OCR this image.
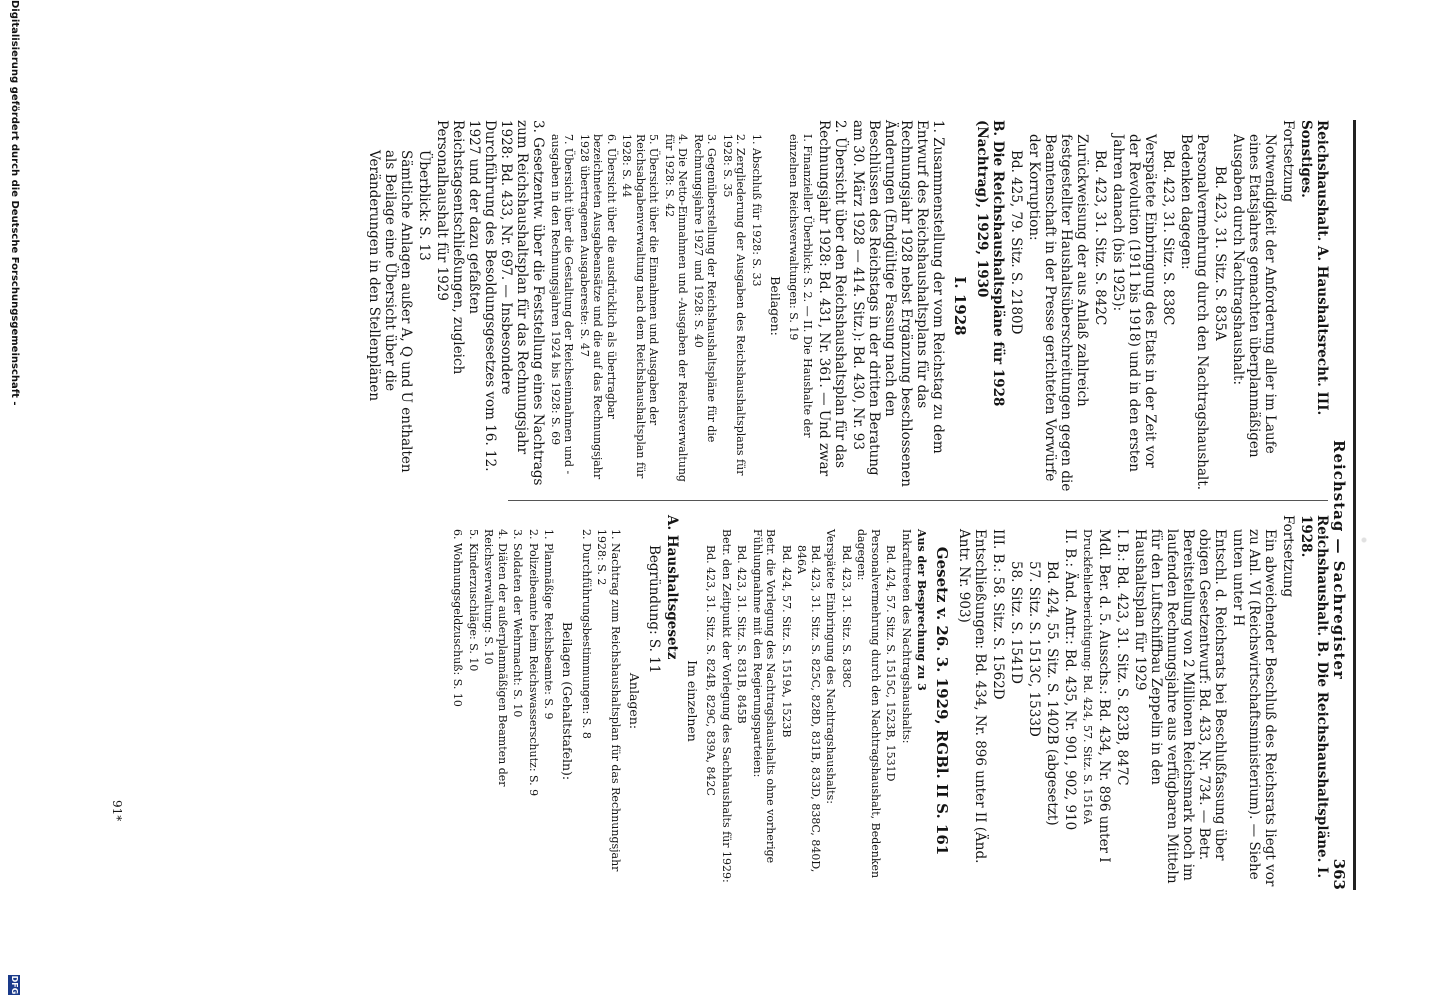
Reichstag — Sachregister
363
Reichshaushalt. A. Haushaltsrecht. III. Sonstiges.
Fortsetzung
Notwendigkeit der Anforderung aller im Laufe eines Etatsjahres gemachten überplanmäßigen Ausgaben durch Nachtragshaushalt:
Bd. 423, 31. Sitz. S. 835A
Personalvermehrung durch den Nachtragshaushalt. Bedenken dagegen:
Bd. 423, 31. Sitz. S. 838C
Verspätete Einbringung des Etats in der Zeit vor der Revolution (1911 bis 1918) und in den ersten Jahren danach (bis 1925):
Bd. 423, 31. Sitz. S. 842C
Zurückweisung der aus Anlaß zahlreich festgestellter Haushaltsüberschreitungen gegen die Beamtenschaft in der Presse gerichteten Vorwürfe der Korruption:
Bd. 425, 79. Sitz. S. 2180D
B. Die Reichshaushaltspläne für 1928 (Nachtrag), 1929, 1930
I. 1928
1. Zusammenstellung der vom Reichstag zu dem Entwurf des Reichshaushaltsplans für das Rechnungsjahr 1928 nebst Ergänzung beschlossenen Änderungen (Endgültige Fassung nach den Beschlüssen des Reichstags in der dritten Beratung am 30. März 1928 — 414. Sitz.): Bd. 430, Nr. 93
2. Übersicht über den Reichshaushaltsplan für das Rechnungsjahr 1928: Bd. 431, Nr. 361. — Und zwar
I. Finanzieller Überblick: S. 2. — II. Die Haushalte der einzelnen Reichsverwaltungen: S. 19
Beilagen:
1. Abschluß für 1928: S. 33
2. Zergliederung der Ausgaben des Reichshaushaltsplans für 1928: S. 35
3. Gegenüberstellung der Reichshaushaltspläne für die Rechnungsjahre 1927 und 1928: S. 40
4. Die Netto-Einnahmen und -Ausgaben der Reichsverwaltung für 1928: S. 42
5. Übersicht über die Einnahmen und Ausgaben der Reichsabgabenverwaltung nach dem Reichshaushaltsplan für 1928: S. 44
6. Übersicht über die ausdrücklich als übertragbar bezeichneten Ausgabeansätze und die auf das Rechnungsjahr 1928 übertragenen Ausgabereste: S. 47
7. Übersicht über die Gestaltung der Reichseinnahmen und -ausgaben in den Rechnungsjahren 1924 bis 1928: S. 69
3. Gesetzentw. über die Feststellung eines Nachtrags zum Reichshaushaltsplan für das Rechnungsjahr 1928: Bd. 433, Nr. 697. — Insbesondere Durchführung des Besoldungsgesetzes vom 16. 12. 1927 und der dazu gefaßten Reichstagsentschließungen, zugleich Personalhaushalt für 1929
Überblick: S. 13
Sämtliche Anlagen außer A, Q und U enthalten als Beilage eine Übersicht über die Veränderungen in den Stellenplänen
Reichshaushalt. B. Die Reichshaushaltspläne. I. 1928.
Fortsetzung
Ein abweichender Beschluß des Reichsrats liegt vor zu Anl. VI (Reichswirtschaftsministerium). — Siehe unten unter H
Entschl. d. Reichsrats bei Beschlußfassung über obigen Gesetzentwurf: Bd. 433, Nr. 734. — Betr. Bereitstellung von 2 Millionen Reichsmark noch im laufenden Rechnungsjahre aus verfügbaren Mitteln für den Luftschiffbau Zeppelin in den Haushaltsplan für 1929
I. B.: Bd. 423, 31. Sitz. S. 823B, 847C
Mdl. Ber. d. 5. Ausschs.: Bd. 434, Nr. 896 unter I
Druckfehlerberichtigung: Bd. 424, 57. Sitz. S. 1516A
II. B.: Änd. Antr.: Bd. 435, Nr. 901, 902, 910
Bd. 424, 55. Sitz. S. 1402B (abgesetzt)
57. Sitz. S. 1513C, 1533D
58. Sitz. S. 1541D
III. B.: 58. Sitz. S. 1562D
Entschließungen: Bd. 434, Nr. 896 unter II (Änd. Antr. Nr. 903)
Gesetz v. 26. 3. 1929, RGBl. II S. 161
Aus der Besprechung zu 3
Inkrafttreten des Nachtragshaushalts:
Bd. 424, 57. Sitz. S. 1515C, 1523B, 1531D
Personalvermehrung durch den Nachtragshaushalt, Bedenken dagegen:
Bd. 423, 31. Sitz. S. 838C
Verspätete Einbringung des Nachtragshaushalts:
Bd. 423, 31. Sitz. S. 825C, 828D, 831B, 833D, 838C, 840D, 846A
Bd. 424, 57. Sitz. S. 1519A, 1523B
Betr. die Vorlegung des Nachtragshaushalts ohne vorherige Fühlungnahme mit den Regierungsparteien:
Bd. 423, 31. Sitz. S. 831B, 845B
Betr. den Zeitpunkt der Vorlegung des Sachhaushalts für 1929:
Bd. 423, 31. Sitz. S. 824B, 829C, 839A, 842C
Im einzelnen
A. Haushaltsgesetz
Begründung: S. 11
Anlagen:
1. Nachtrag zum Reichshaushaltsplan für das Rechnungsjahr 1928: S. 2
2. Durchführungsbestimmungen: S. 8
Beilagen (Gehaltstafeln):
1. Planmäßige Reichsbeamte: S. 9
2. Polizeibeamte beim Reichswasserschutz: S. 9
3. Soldaten der Wehrmacht: S. 10
4. Diäten der außerplanmäßigen Beamten der Reichsverwaltung: S. 10
5. Kinderzuschläge: S. 10
6. Wohnungsgeldzuschuß: S. 10
91*
Digitalisierung gefördert durch die Deutsche Forschungsgemeinschaft -
DFG
